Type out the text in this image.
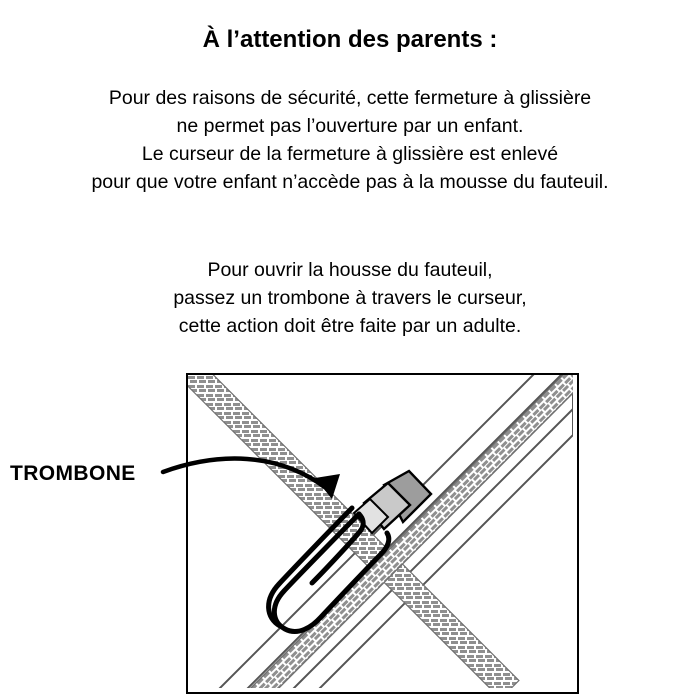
À l’attention des parents :

Pour des raisons de sécurité, cette fermeture à glissière

ne permet pas l’ouverture par un enfant.

Le curseur de la fermeture à glissière est enlevé

pour que votre enfant n’accède pas à la mousse du fauteuil.

Pour ouvrir la housse du fauteuil,

passez un trombone à travers le curseur,

cette action doit être faite par un adulte.

TROMBONE
